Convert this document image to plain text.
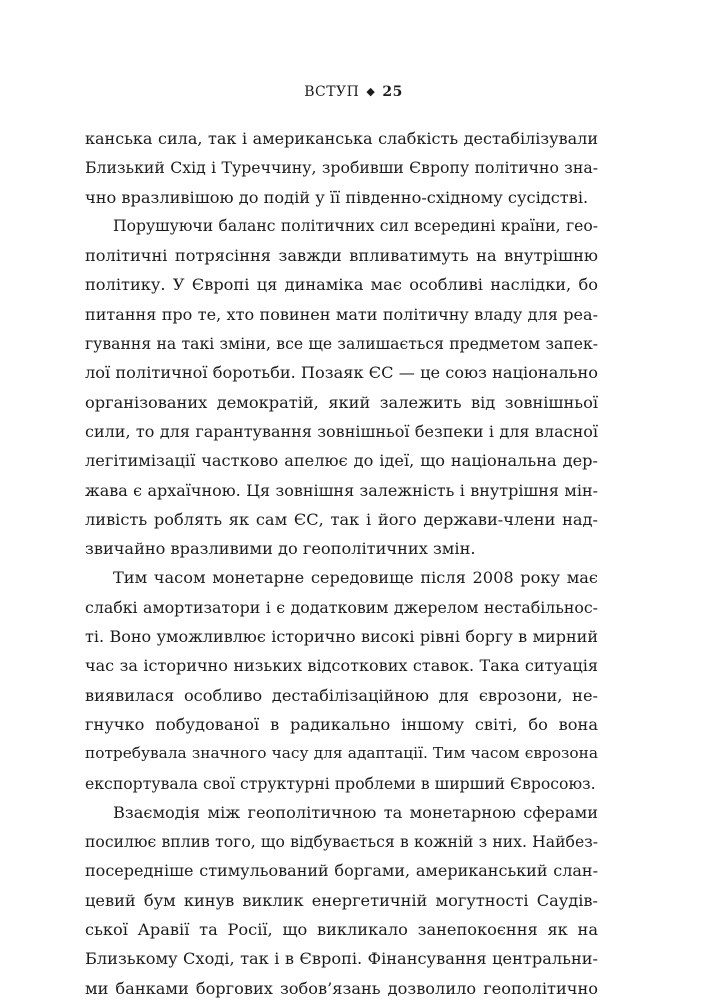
ВСТУП ◆ 25
канська сила, так і американська слабкість дестабілізували
Близький Схід і Туреччину, зробивши Європу політично зна-
чно вразливішою до подій у її південно-східному сусідстві.
Порушуючи баланс політичних сил всередині країни, гео-
політичні потрясіння завжди впливатимуть на внутрішню
політику. У Європі ця динаміка має особливі наслідки, бо
питання про те, хто повинен мати політичну владу для реа-
гування на такі зміни, все ще залишається предметом запек-
лої політичної боротьби. Позаяк ЄС — це союз національно
організованих демократій, який залежить від зовнішньої
сили, то для гарантування зовнішньої безпеки і для власної
легітимізації частково апелює до ідеї, що національна дер-
жава є архаїчною. Ця зовнішня залежність і внутрішня мін-
ливість роблять як сам ЄС, так і його держави-члени над-
звичайно вразливими до геополітичних змін.
Тим часом монетарне середовище після 2008 року має
слабкі амортизатори і є додатковим джерелом нестабільнос-
ті. Воно уможливлює історично високі рівні боргу в мирний
час за історично низьких відсоткових ставок. Така ситуація
виявилася особливо дестабілізаційною для єврозони, не-
гнучко побудованої в радикально іншому світі, бо вона
потребувала значного часу для адаптації. Тим часом єврозона
експортувала свої структурні проблеми в ширший Євросоюз.
Взаємодія між геополітичною та монетарною сферами
посилює вплив того, що відбувається в кожній з них. Найбез-
посередніше стимульований боргами, американський слан-
цевий бум кинув виклик енергетичній могутності Саудів-
ської Аравії та Росії, що викликало занепокоєння як на
Близькому Сході, так і в Європі. Фінансування центральни-
ми банками боргових зобов’язань дозволило геополітично
